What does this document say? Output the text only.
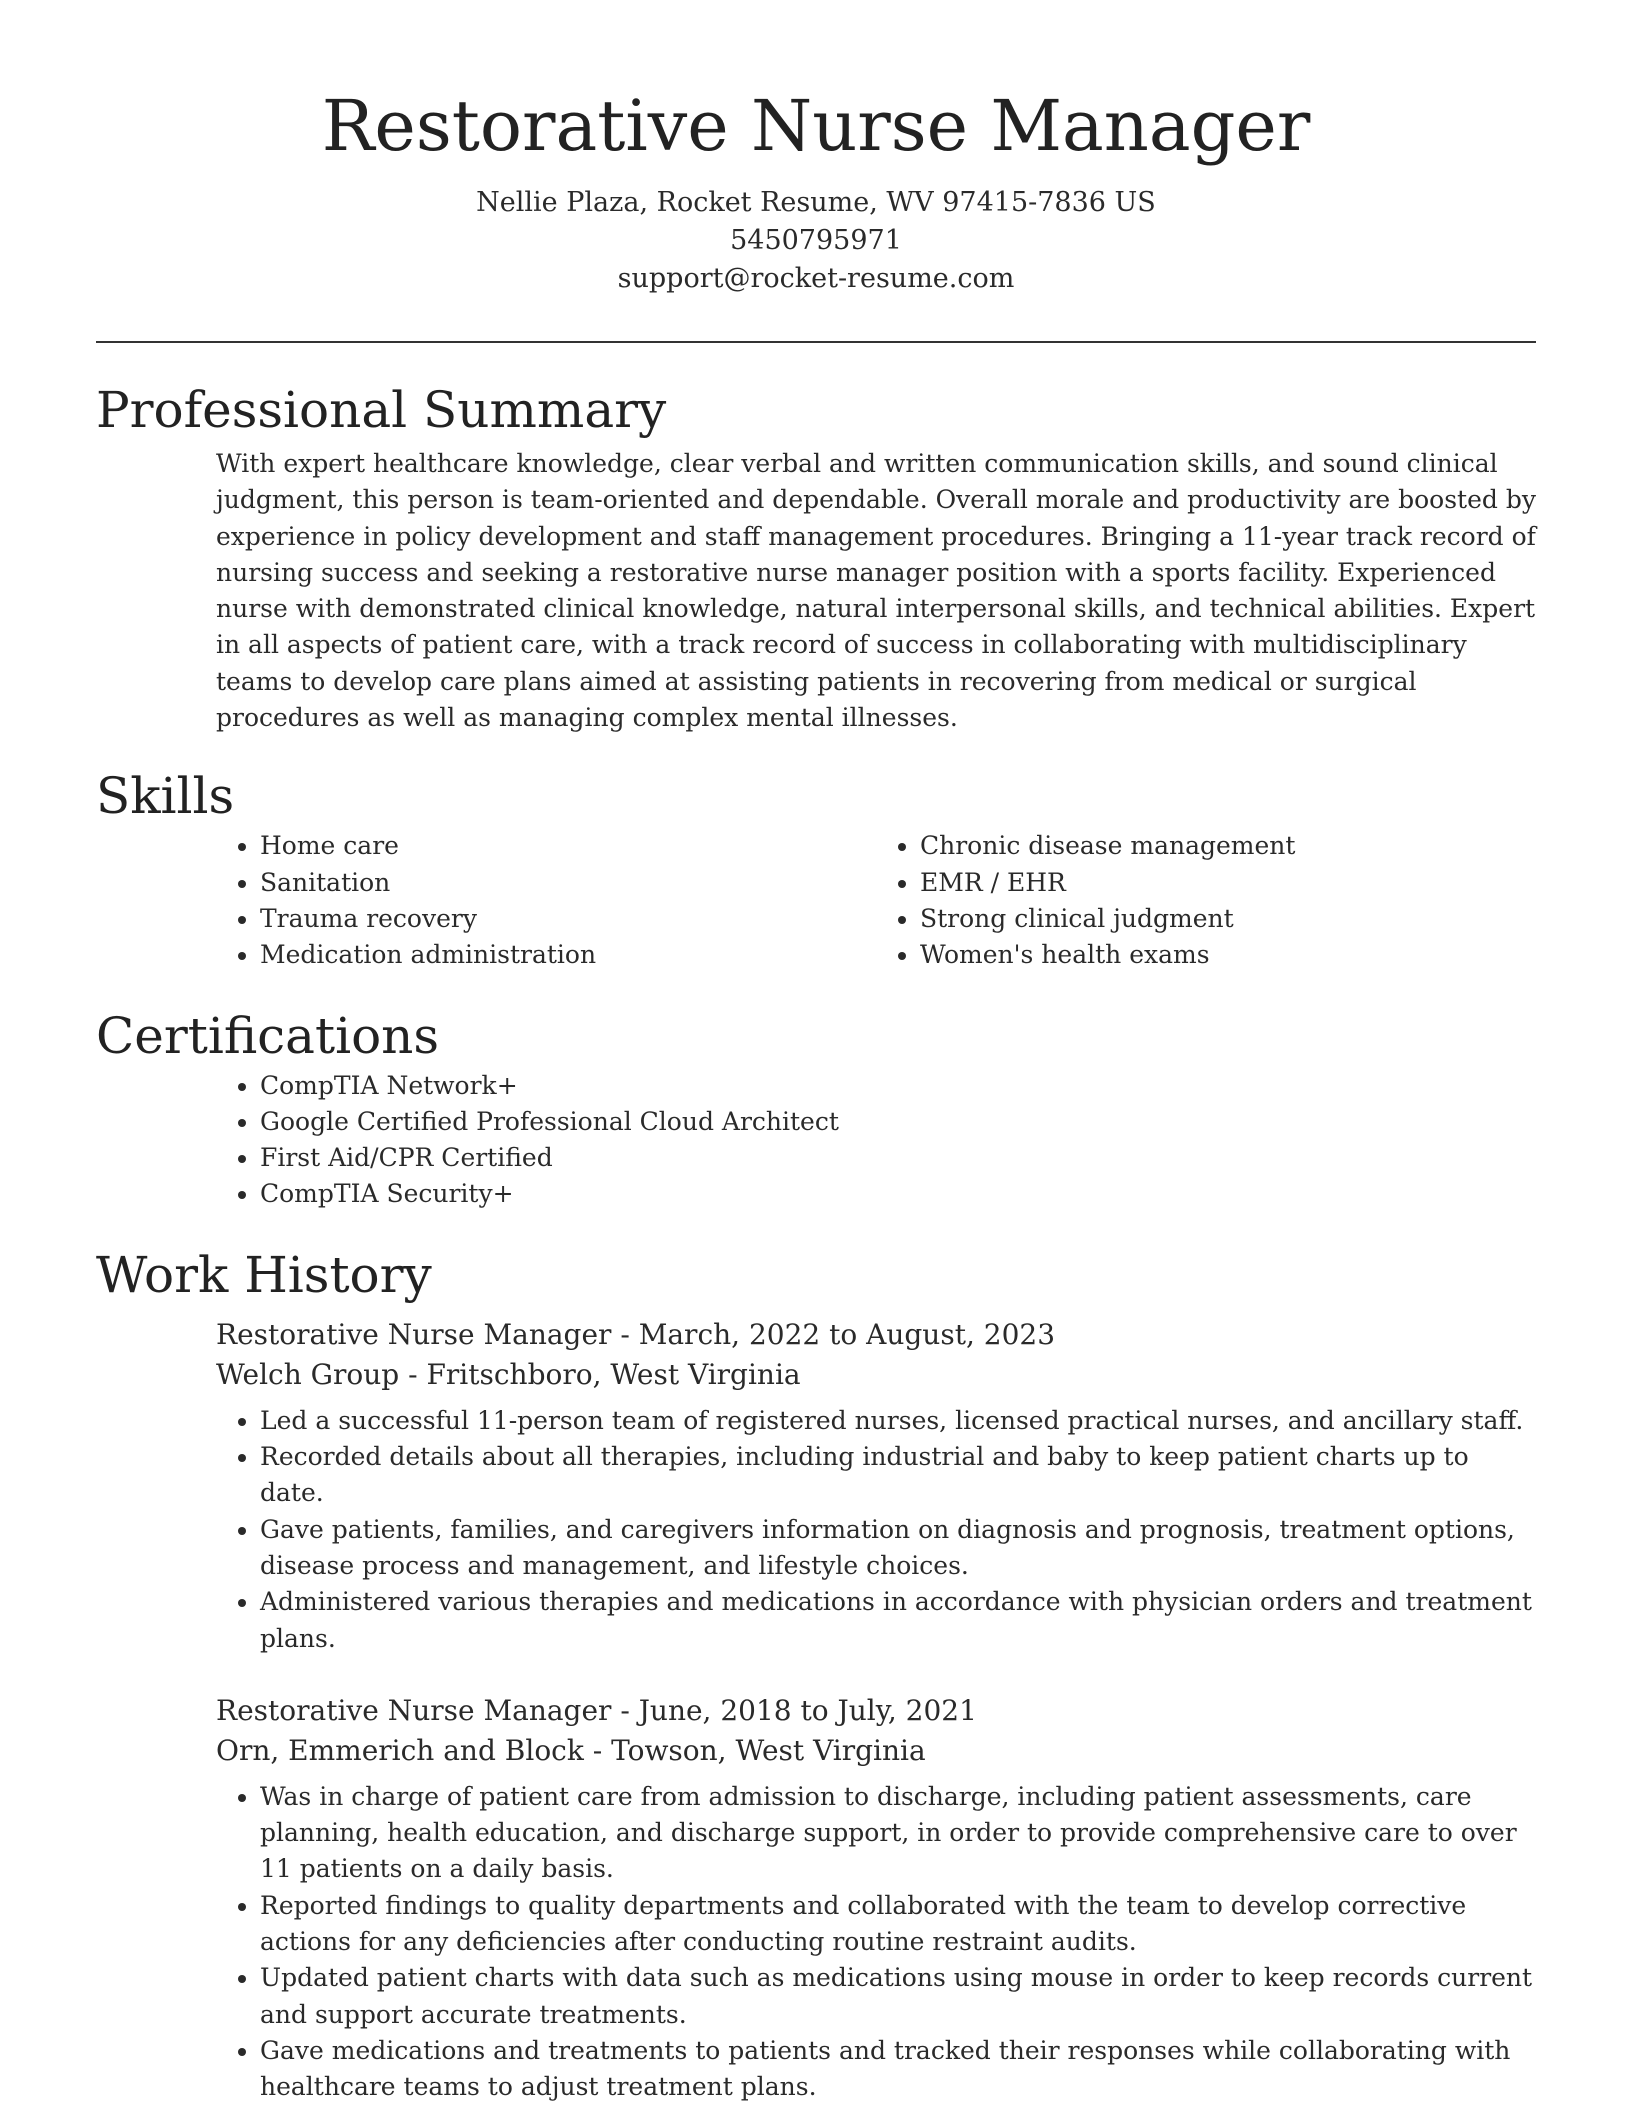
Restorative Nurse Manager
Nellie Plaza, Rocket Resume, WV 97415-7836 US
5450795971
support@rocket-resume.com
Professional Summary

With expert healthcare knowledge, clear verbal and written communication skills, and sound clinical judgment, this person is team-oriented and dependable. Overall morale and productivity are boosted by experience in policy development and staff management procedures. Bringing a 11-year track record of nursing success and seeking a restorative nurse manager position with a sports facility. Experienced nurse with demonstrated clinical knowledge, natural interpersonal skills, and technical abilities. Expert in all aspects of patient care, with a track record of success in collaborating with multidisciplinary teams to develop care plans aimed at assisting patients in recovering from medical or surgical procedures as well as managing complex mental illnesses.

Skills
• Home care
• Sanitation
• Trauma recovery
• Medication administration
• Chronic disease management
• EMR / EHR
• Strong clinical judgment
• Women's health exams
Certifications
• CompTIA Network+
• Google Certified Professional Cloud Architect
• First Aid/CPR Certified
• CompTIA Security+
Work History
Restorative Nurse Manager - March, 2022 to August, 2023
Welch Group - Fritschboro, West Virginia
• Led a successful 11-person team of registered nurses, licensed practical nurses, and ancillary staff.
• Recorded details about all therapies, including industrial and baby to keep patient charts up to date.
• Gave patients, families, and caregivers information on diagnosis and prognosis, treatment options, disease process and management, and lifestyle choices.
• Administered various therapies and medications in accordance with physician orders and treatment plans.
Restorative Nurse Manager - June, 2018 to July, 2021
Orn, Emmerich and Block - Towson, West Virginia
• Was in charge of patient care from admission to discharge, including patient assessments, care planning, health education, and discharge support, in order to provide comprehensive care to over 11 patients on a daily basis.
• Reported findings to quality departments and collaborated with the team to develop corrective actions for any deficiencies after conducting routine restraint audits.
• Updated patient charts with data such as medications using mouse in order to keep records current and support accurate treatments.
• Gave medications and treatments to patients and tracked their responses while collaborating with healthcare teams to adjust treatment plans.
